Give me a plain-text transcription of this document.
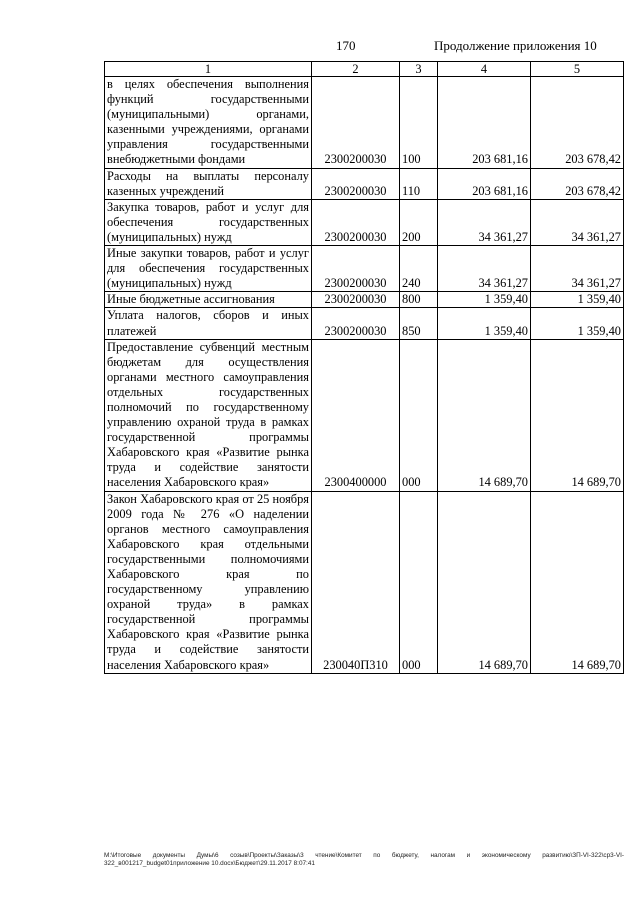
170	Продолжение приложения 10
1	2	3	4	5
в целях обеспечения выполнения функций государственными (муниципальными) органами, казенными учреждениями, органами управления государственными внебюджетными фондами	2300200030	100	203 681,16	203 678,42
Расходы на выплаты персоналу казенных учреждений	2300200030	110	203 681,16	203 678,42
Закупка товаров, работ и услуг для обеспечения государственных (муниципальных) нужд	2300200030	200	34 361,27	34 361,27
Иные закупки товаров, работ и услуг для обеспечения государственных (муниципальных) нужд	2300200030	240	34 361,27	34 361,27
Иные бюджетные ассигнования	2300200030	800	1 359,40	1 359,40
Уплата налогов, сборов и иных платежей	2300200030	850	1 359,40	1 359,40
Предоставление субвенций местным бюджетам для осуществления органами местного самоуправления отдельных государственных полномочий по государственному управлению охраной труда в рамках государственной программы Хабаровского края «Развитие рынка труда и содействие занятости населения Хабаровского края»	2300400000	000	14 689,70	14 689,70
Закон Хабаровского края от 25 ноября 2009 года № 276 «О наделении органов местного самоуправления Хабаровского края отдельными государственными полномочиями Хабаровского края по государственному управлению охраной труда» в рамках государственной программы Хабаровского края «Развитие рынка труда и содействие занятости населения Хабаровского края»	230040П310	000	14 689,70	14 689,70
М:\Итоговые документы Думы\6 созыв\Проекты\Заказы\3 чтение\Комитет по бюджету, налогам и экономическому развитию\ЗП-VI-322\ср3-VI-322_в001217_budget01приложение 10.docx\Бюджет\29.11.2017 8:07:41
